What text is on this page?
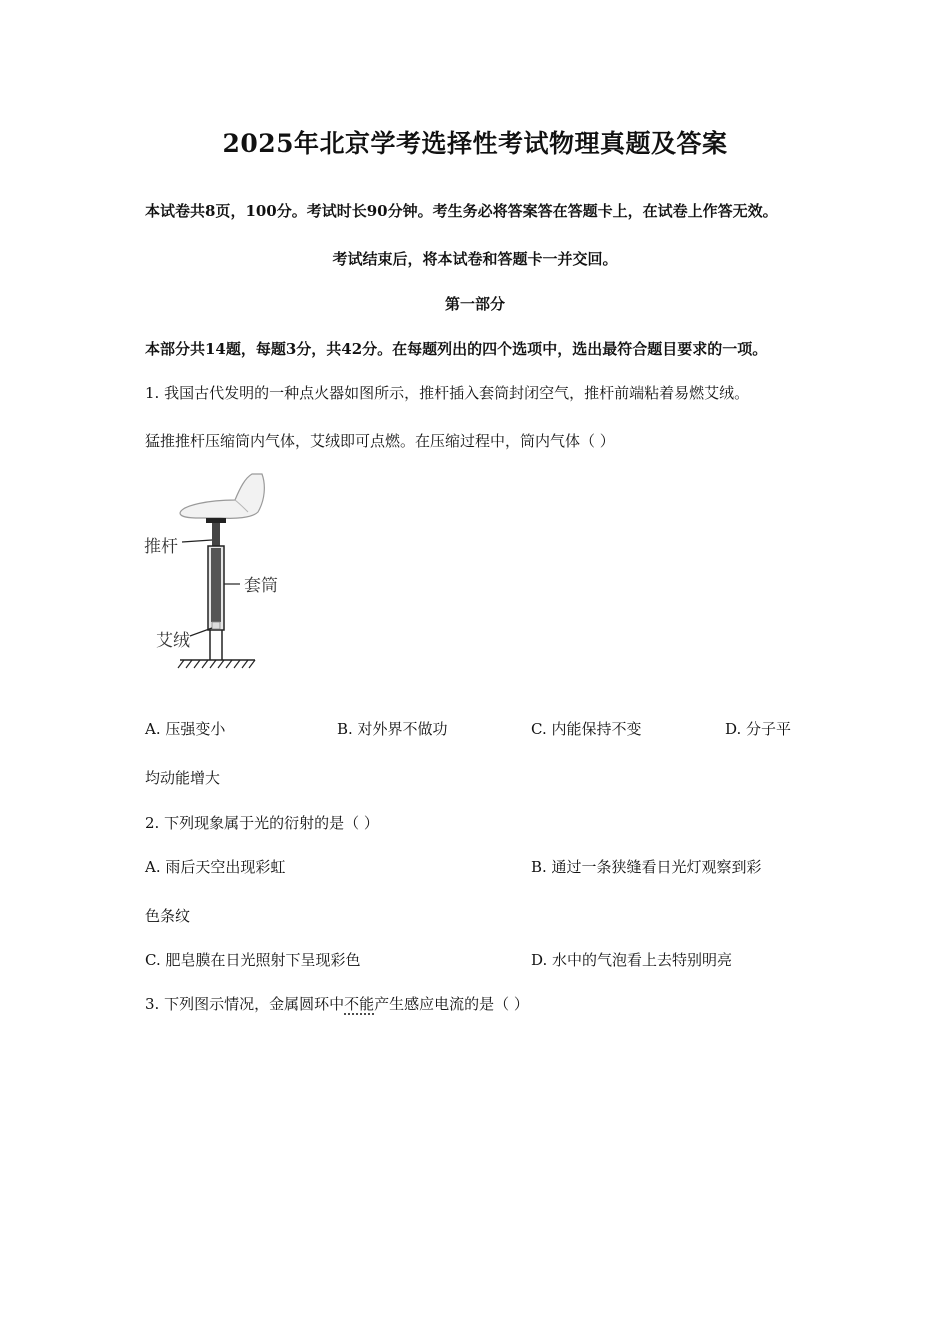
2025年北京学考选择性考试物理真题及答案
本试卷共8页，100分。考试时长90分钟。考生务必将答案答在答题卡上，在试卷上作答无效。
考试结束后，将本试卷和答题卡一并交回。
第一部分
本部分共14题，每题3分，共42分。在每题列出的四个选项中，选出最符合题目要求的一项。
1. 我国古代发明的一种点火器如图所示，推杆插入套筒封闭空气，推杆前端粘着易燃艾绒。
猛推推杆压缩筒内气体，艾绒即可点燃。在压缩过程中，筒内气体（ ）
推杆
套筒
艾绒
A. 压强变小	B. 对外界不做功	C. 内能保持不变	D. 分子平
均动能增大
2. 下列现象属于光的衍射的是（ ）
A. 雨后天空出现彩虹	B. 通过一条狭缝看日光灯观察到彩
色条纹
C. 肥皂膜在日光照射下呈现彩色	D. 水中的气泡看上去特别明亮
3. 下列图示情况，金属圆环中不能产生感应电流的是（ ）
